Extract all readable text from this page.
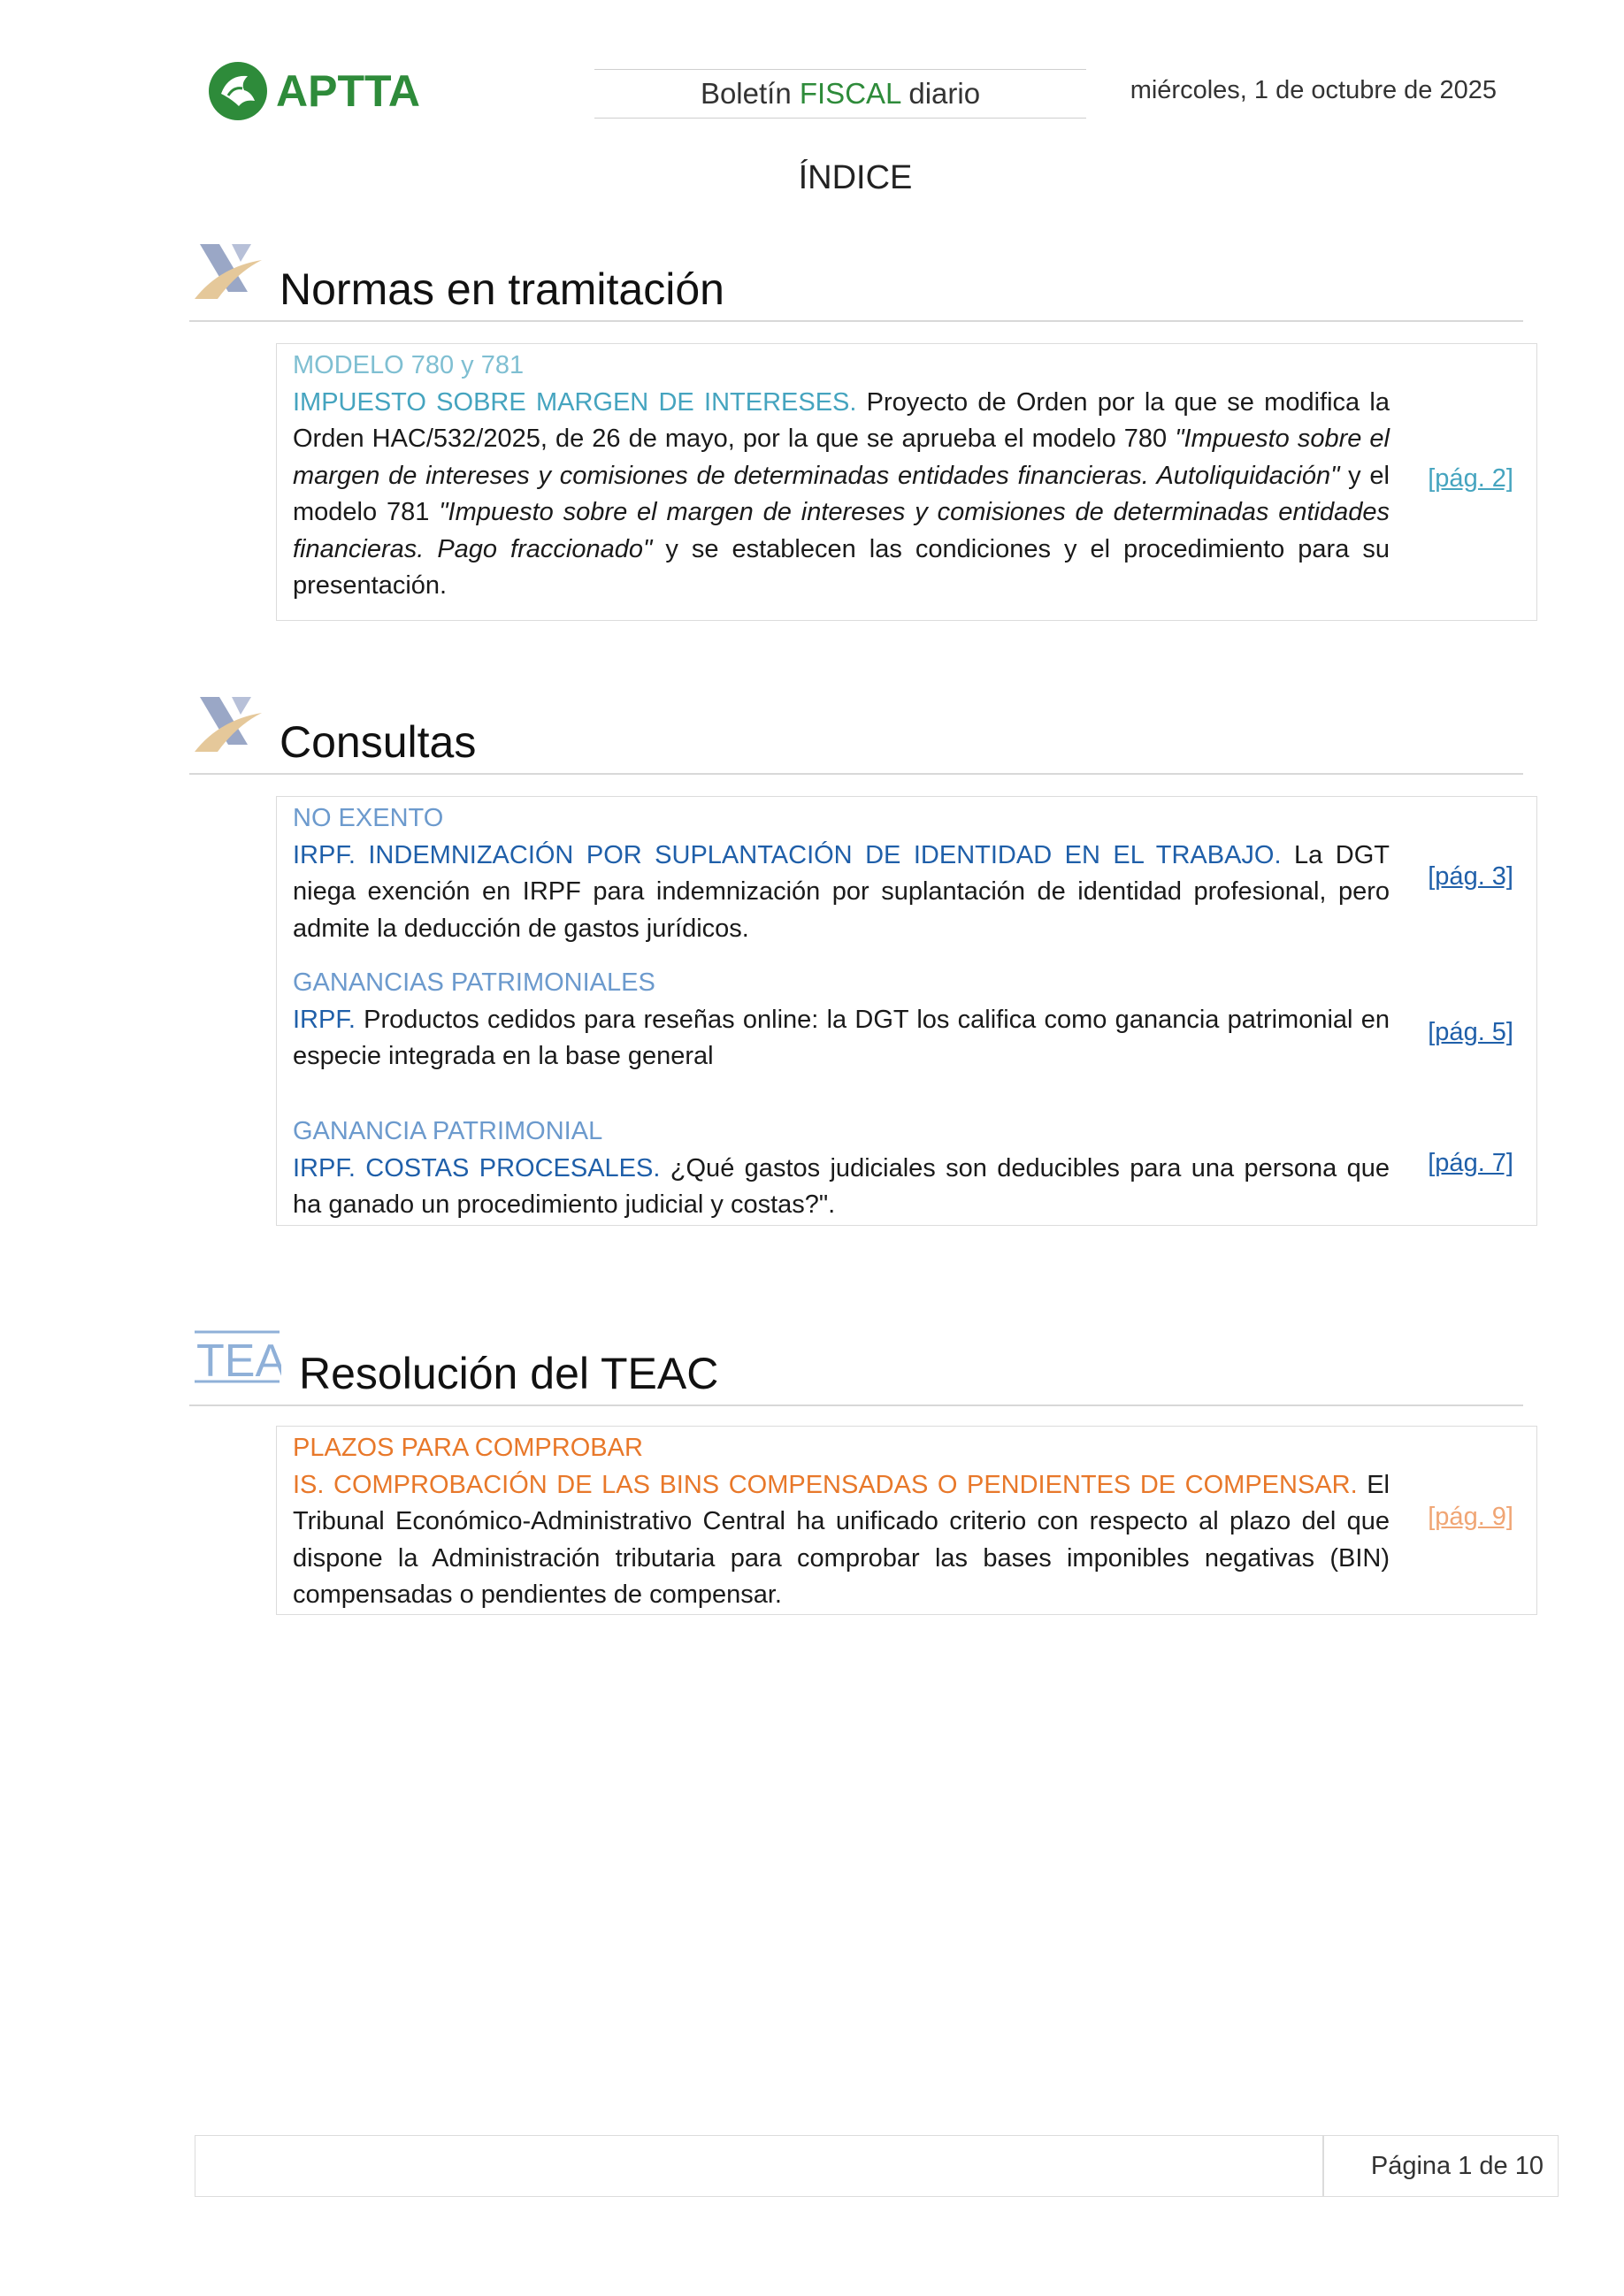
APTTA	Boletín FISCAL diario	miércoles, 1 de octubre de 2025
ÍNDICE
Normas en tramitación
MODELO 780 y 781
IMPUESTO SOBRE MARGEN DE INTERESES. Proyecto de Orden por la que se modifica la Orden HAC/532/2025, de 26 de mayo, por la que se aprueba el modelo 780 "Impuesto sobre el margen de intereses y comisiones de determinadas entidades financieras. Autoliquidación" y el modelo 781 "Impuesto sobre el margen de intereses y comisiones de determinadas entidades financieras. Pago fraccionado" y se establecen las condiciones y el procedimiento para su presentación.
[pág. 2]
Consultas
NO EXENTO
IRPF. INDEMNIZACIÓN POR SUPLANTACIÓN DE IDENTIDAD EN EL TRABAJO. La DGT niega exención en IRPF para indemnización por suplantación de identidad profesional, pero admite la deducción de gastos jurídicos.
[pág. 3]
GANANCIAS PATRIMONIALES
IRPF. Productos cedidos para reseñas online: la DGT los califica como ganancia patrimonial en especie integrada en la base general
[pág. 5]
GANANCIA PATRIMONIAL
IRPF. COSTAS PROCESALES. ¿Qué gastos judiciales son deducibles para una persona que ha ganado un procedimiento judicial y costas?".
[pág. 7]
TEA Resolución del TEAC
PLAZOS PARA COMPROBAR
IS. COMPROBACIÓN DE LAS BINS COMPENSADAS O PENDIENTES DE COMPENSAR. El Tribunal Económico-Administrativo Central ha unificado criterio con respecto al plazo del que dispone la Administración tributaria para comprobar las bases imponibles negativas (BIN) compensadas o pendientes de compensar.
[pág. 9]
Página 1 de 10
